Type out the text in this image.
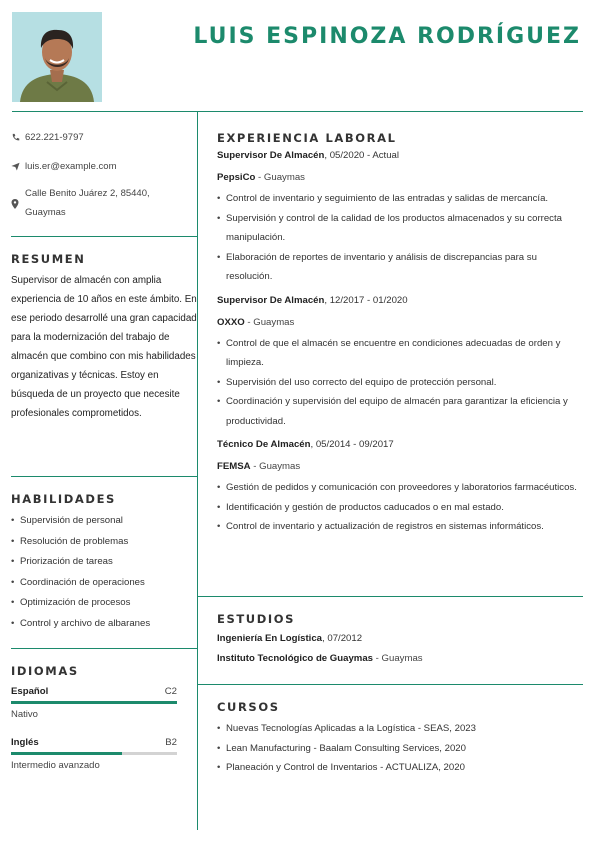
LUIS ESPINOZA RODRÍGUEZ
622.221-9797
luis.er@example.com
Calle Benito Juárez 2, 85440,
Guaymas
RESUMEN

Supervisor de almacén con amplia experiencia de 10 años en este ámbito. En ese periodo desarrollé una gran capacidad para la modernización del trabajo de almacén que combino con mis habilidades organizativas y técnicas. Estoy en búsqueda de un proyecto que necesite profesionales comprometidos.

HABILIDADES
• Supervisión de personal
• Resolución de problemas
• Priorización de tareas
• Coordinación de operaciones
• Optimización de procesos
• Control y archivo de albaranes
IDIOMAS
Español	C2
Nativo
Inglés	B2
Intermedio avanzado
EXPERIENCIA LABORAL
Supervisor De Almacén, 05/2020 - Actual
PepsiCo - Guaymas
• Control de inventario y seguimiento de las entradas y salidas de mercancía.
• Supervisión y control de la calidad de los productos almacenados y su correcta manipulación.
• Elaboración de reportes de inventario y análisis de discrepancias para su resolución.
Supervisor De Almacén, 12/2017 - 01/2020
OXXO - Guaymas
• Control de que el almacén se encuentre en condiciones adecuadas de orden y limpieza.
• Supervisión del uso correcto del equipo de protección personal.
• Coordinación y supervisión del equipo de almacén para garantizar la eficiencia y productividad.
Técnico De Almacén, 05/2014 - 09/2017
FEMSA - Guaymas
• Gestión de pedidos y comunicación con proveedores y laboratorios farmacéuticos.
• Identificación y gestión de productos caducados o en mal estado.
• Control de inventario y actualización de registros en sistemas informáticos.
ESTUDIOS
Ingeniería En Logística, 07/2012
Instituto Tecnológico de Guaymas - Guaymas
CURSOS
• Nuevas Tecnologías Aplicadas a la Logística - SEAS, 2023
• Lean Manufacturing - Baalam Consulting Services, 2020
• Planeación y Control de Inventarios - ACTUALIZA, 2020
